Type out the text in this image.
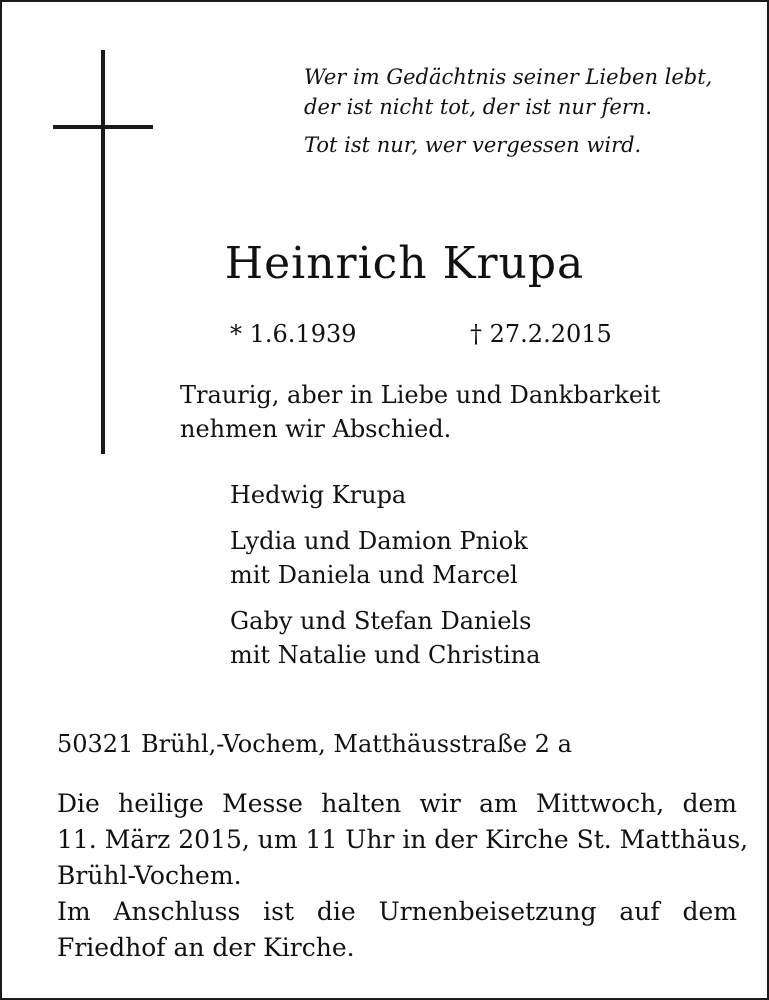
Wer im Gedächtnis seiner Lieben lebt,
der ist nicht tot, der ist nur fern.
Tot ist nur, wer vergessen wird.
Heinrich Krupa
* 1.6.1939	† 27.2.2015
Traurig, aber in Liebe und Dankbarkeit
nehmen wir Abschied.
Hedwig Krupa
Lydia und Damion Pniok
mit Daniela und Marcel
Gaby und Stefan Daniels
mit Natalie und Christina
50321 Brühl,-Vochem, Matthäusstraße 2 a
Die heilige Messe halten wir am Mittwoch, dem
11. März 2015, um 11 Uhr in der Kirche St. Matthäus,
Brühl-Vochem.
Im Anschluss ist die Urnenbeisetzung auf dem
Friedhof an der Kirche.
